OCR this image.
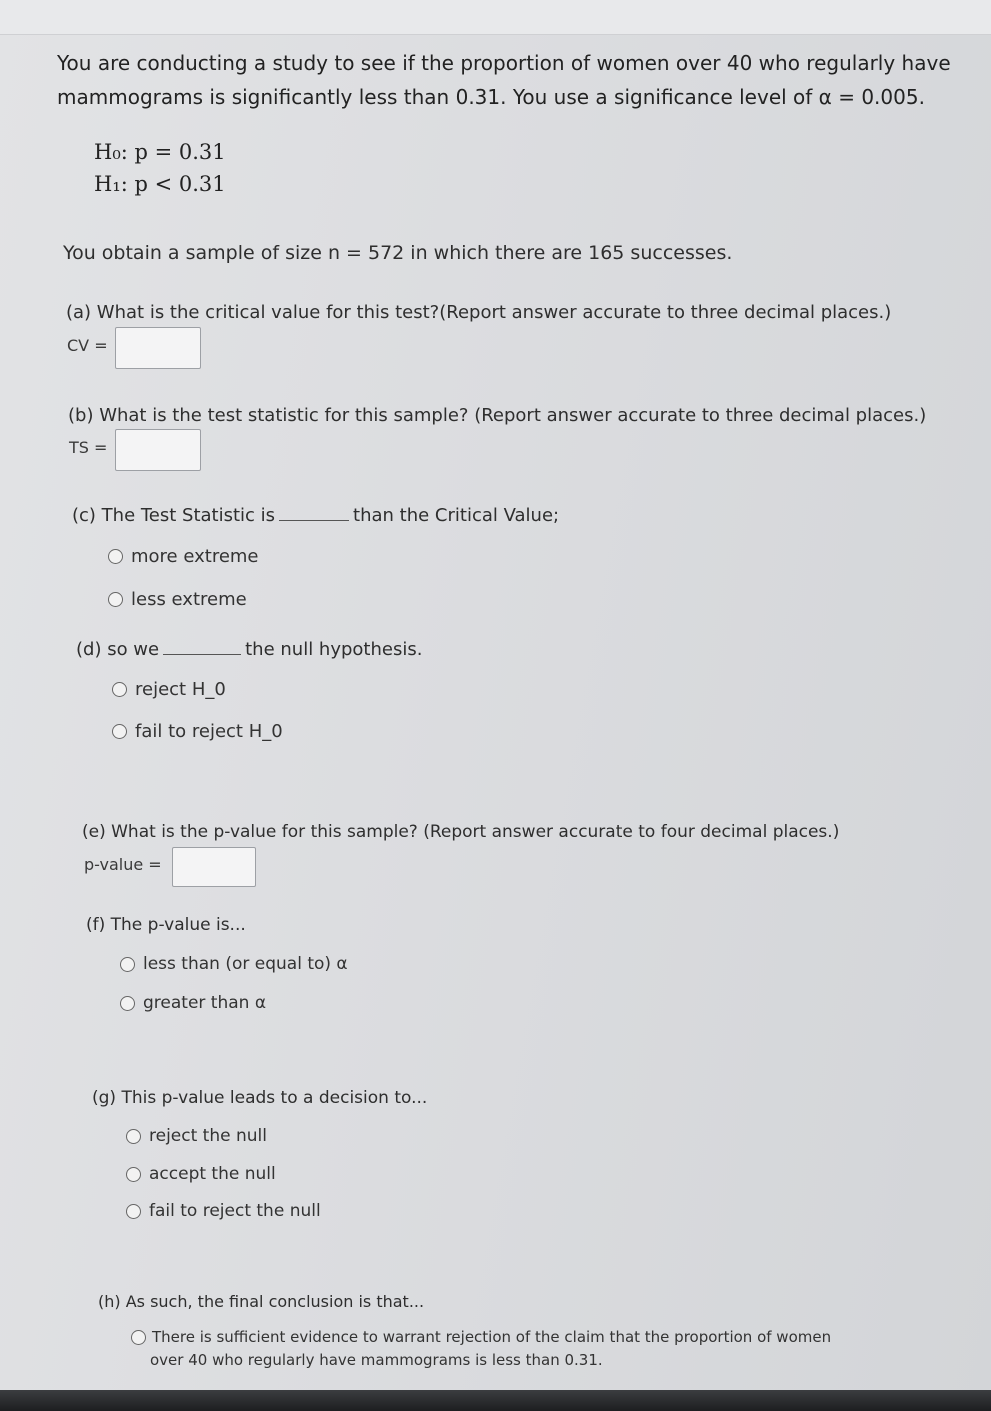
You are conducting a study to see if the proportion of women over 40 who regularly have
mammograms is significantly less than 0.31. You use a significance level of α = 0.005.
H₀: p = 0.31
H₁: p < 0.31
You obtain a sample of size n = 572 in which there are 165 successes.
(a) What is the critical value for this test?(Report answer accurate to three decimal places.)
CV =
(b) What is the test statistic for this sample? (Report answer accurate to three decimal places.)
TS =
(c) The Test Statistic is	than the Critical Value;
more extreme
less extreme
(d) so we	the null hypothesis.
reject H_0
fail to reject H_0
(e) What is the p-value for this sample? (Report answer accurate to four decimal places.)
p-value =
(f) The p-value is...
less than (or equal to) α
greater than α
(g) This p-value leads to a decision to...
reject the null
accept the null
fail to reject the null
(h) As such, the final conclusion is that...
There is sufficient evidence to warrant rejection of the claim that the proportion of women
over 40 who regularly have mammograms is less than 0.31.
